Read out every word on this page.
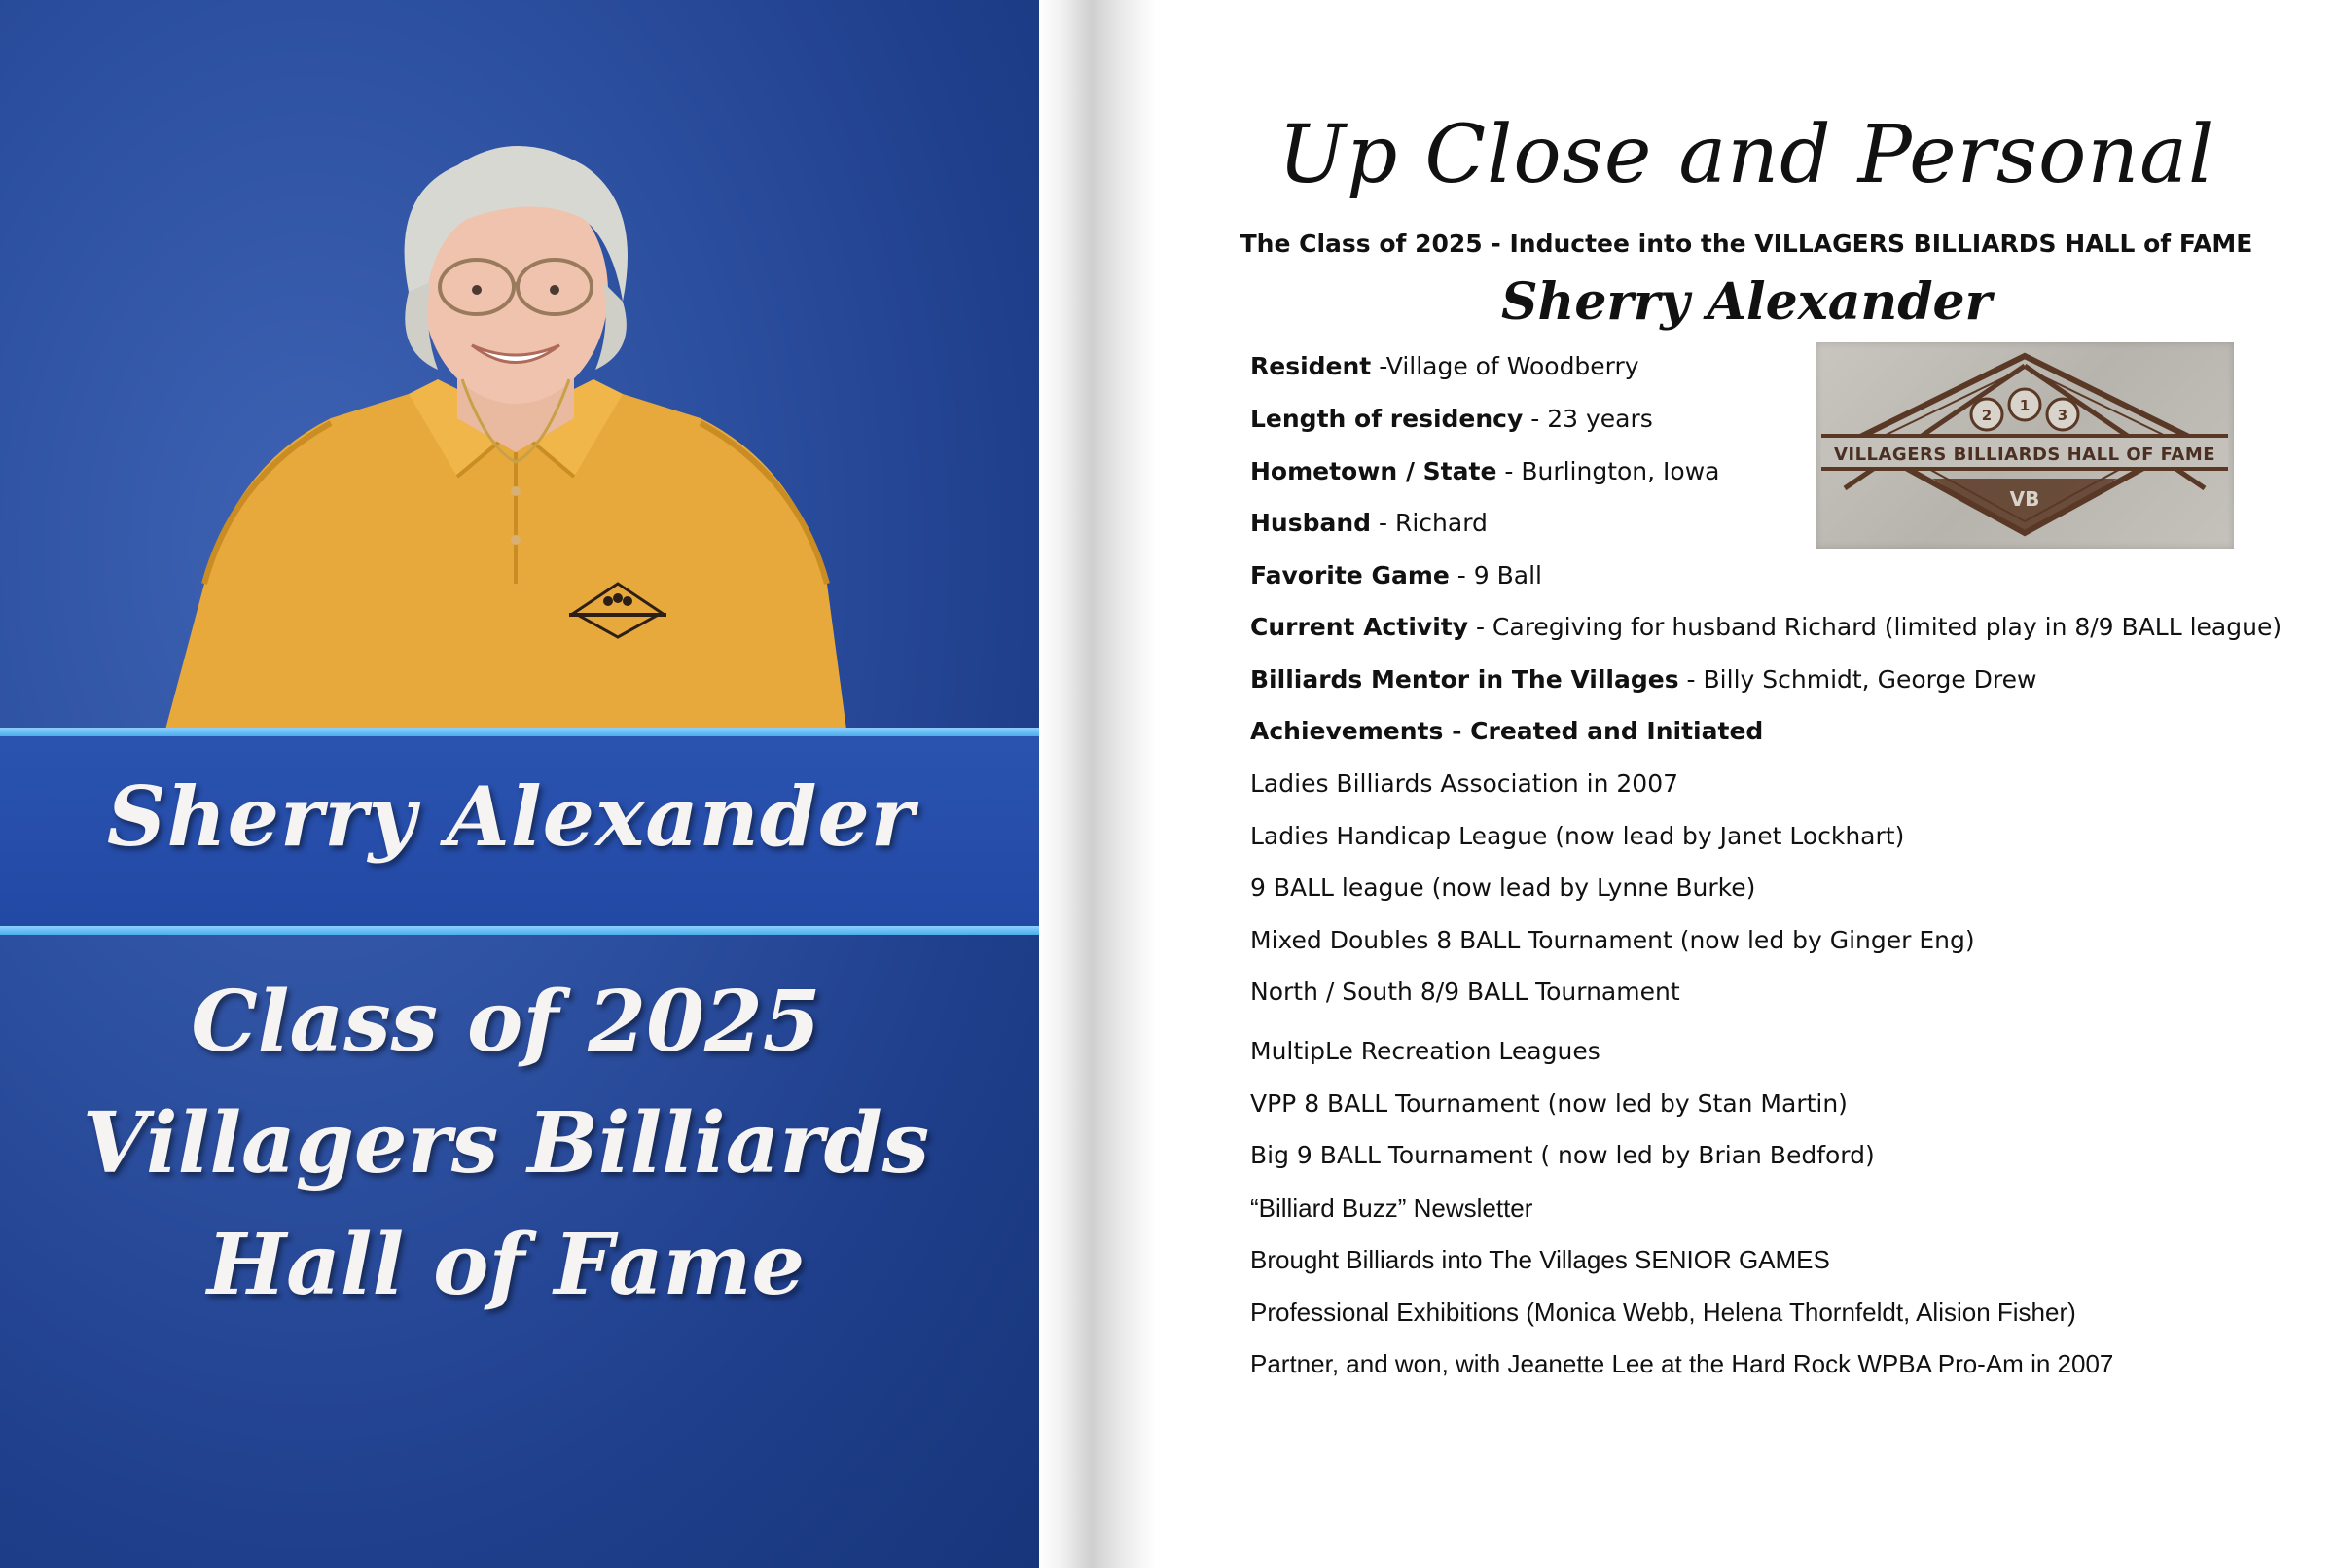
Sherry Alexander
Class of 2025
Villagers Billiards
Hall of Fame
Up Close and Personal
The Class of 2025 - Inductee into the VILLAGERS BILLIARDS HALL of FAME
Sherry Alexander
2
1
3
VB
VILLAGERS BILLIARDS HALL OF FAME
Resident -Village of Woodberry
Length of residency - 23 years
Hometown / State - Burlington, Iowa
Husband - Richard
Favorite Game - 9 Ball
Current Activity - Caregiving for husband Richard (limited play in 8/9 BALL league)
Billiards Mentor in The Villages - Billy Schmidt, George Drew
Achievements - Created and Initiated
Ladies Billiards Association in 2007
Ladies Handicap League (now lead by Janet Lockhart)
9 BALL league (now lead by Lynne Burke)
Mixed Doubles 8 BALL Tournament (now led by Ginger Eng)
North / South 8/9 BALL Tournament
MultipLe Recreation Leagues
VPP 8 BALL Tournament (now led by Stan Martin)
Big 9 BALL Tournament ( now led by Brian Bedford)
“Billiard Buzz” Newsletter
Brought Billiards into The Villages SENIOR GAMES
Professional Exhibitions (Monica Webb, Helena Thornfeldt, Alision Fisher)
Partner, and won, with Jeanette Lee at the Hard Rock WPBA Pro-Am in 2007
